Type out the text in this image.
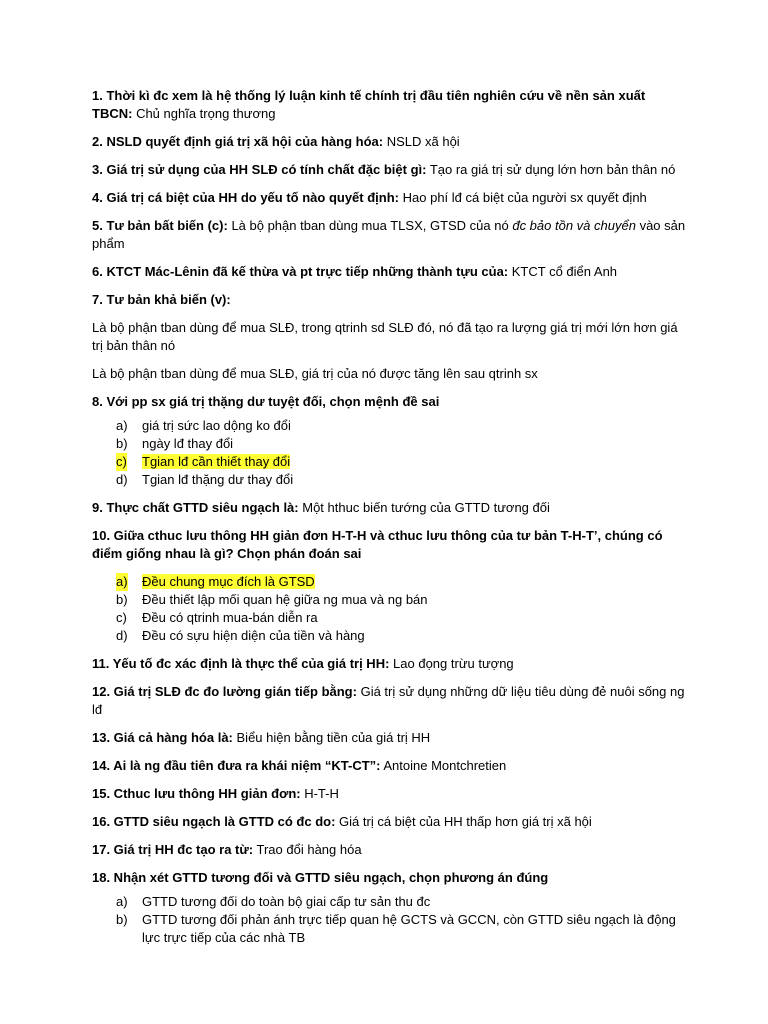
1. Thời kì đc xem là hệ thống lý luận kinh tế chính trị đầu tiên nghiên cứu về nền sản xuất TBCN: Chủ nghĩa trọng thương
2. NSLD quyết định giá trị xã hội của hàng hóa: NSLD xã hội
3. Giá trị sử dụng của HH SLĐ có tính chất đặc biệt gì: Tạo ra giá trị sử dụng lớn hơn bản thân nó
4. Giá trị cá biệt của HH do yếu tố nào quyết định: Hao phí lđ cá biệt của người sx quyết định
5. Tư bản bất biến (c): Là bộ phận tban dùng mua TLSX, GTSD của nó đc bảo tồn và chuyển vào sản phẩm
6. KTCT Mác-Lênin đã kế thừa và pt trực tiếp những thành tựu của: KTCT cổ điển Anh
7. Tư bản khả biến (v):
Là bộ phận tban dùng để mua SLĐ, trong qtrinh sd SLĐ đó, nó đã tạo ra lượng giá trị mới lớn hơn giá trị bản thân nó
Là bộ phận tban dùng để mua SLĐ, giá trị của nó được tăng lên sau qtrinh sx
8. Với pp sx giá trị thặng dư tuyệt đối, chọn mệnh đề sai
a) giá trị sức lao dộng ko đổi
b) ngày lđ thay đổi
c) Tgian lđ cần thiết thay đổi
d) Tgian lđ thặng dư thay đổi
9. Thực chất GTTD siêu ngạch là: Một hthuc biến tướng của GTTD tương đối
10. Giữa cthuc lưu thông HH giản đơn H-T-H và cthuc lưu thông của tư bản T-H-T’, chúng có điểm giống nhau là gì? Chọn phán đoán sai
a) Đều chung mục đích là GTSD
b) Đều thiết lập mối quan hệ giữa ng mua và ng bán
c) Đều có qtrinh mua-bán diễn ra
d) Đều có sựu hiện diện của tiền và hàng
11. Yếu tố đc xác định là thực thể của giá trị HH: Lao đọng trừu tượng
12. Giá trị SLĐ đc đo lường gián tiếp bằng: Giá trị sử dụng những dữ liệu tiêu dùng đẻ nuôi sống ng lđ
13. Giá cả hàng hóa là: Biểu hiện bằng tiền của giá trị HH
14. Ai là ng đầu tiên đưa ra khái niệm “KT-CT”: Antoine Montchretien
15. Cthuc lưu thông HH giản đơn: H-T-H
16. GTTD siêu ngạch là GTTD có đc do: Giá trị cá biệt của HH thấp hơn giá trị xã hội
17. Giá trị HH đc tạo ra từ: Trao đổi hàng hóa
18. Nhận xét GTTD tương đối và GTTD siêu ngạch, chọn phương án đúng
a) GTTD tương đối do toàn bộ giai cấp tư sản thu đc
b) GTTD tương đối phản ánh trực tiếp quan hệ GCTS và GCCN, còn GTTD siêu ngạch là động lực trực tiếp của các nhà TB
